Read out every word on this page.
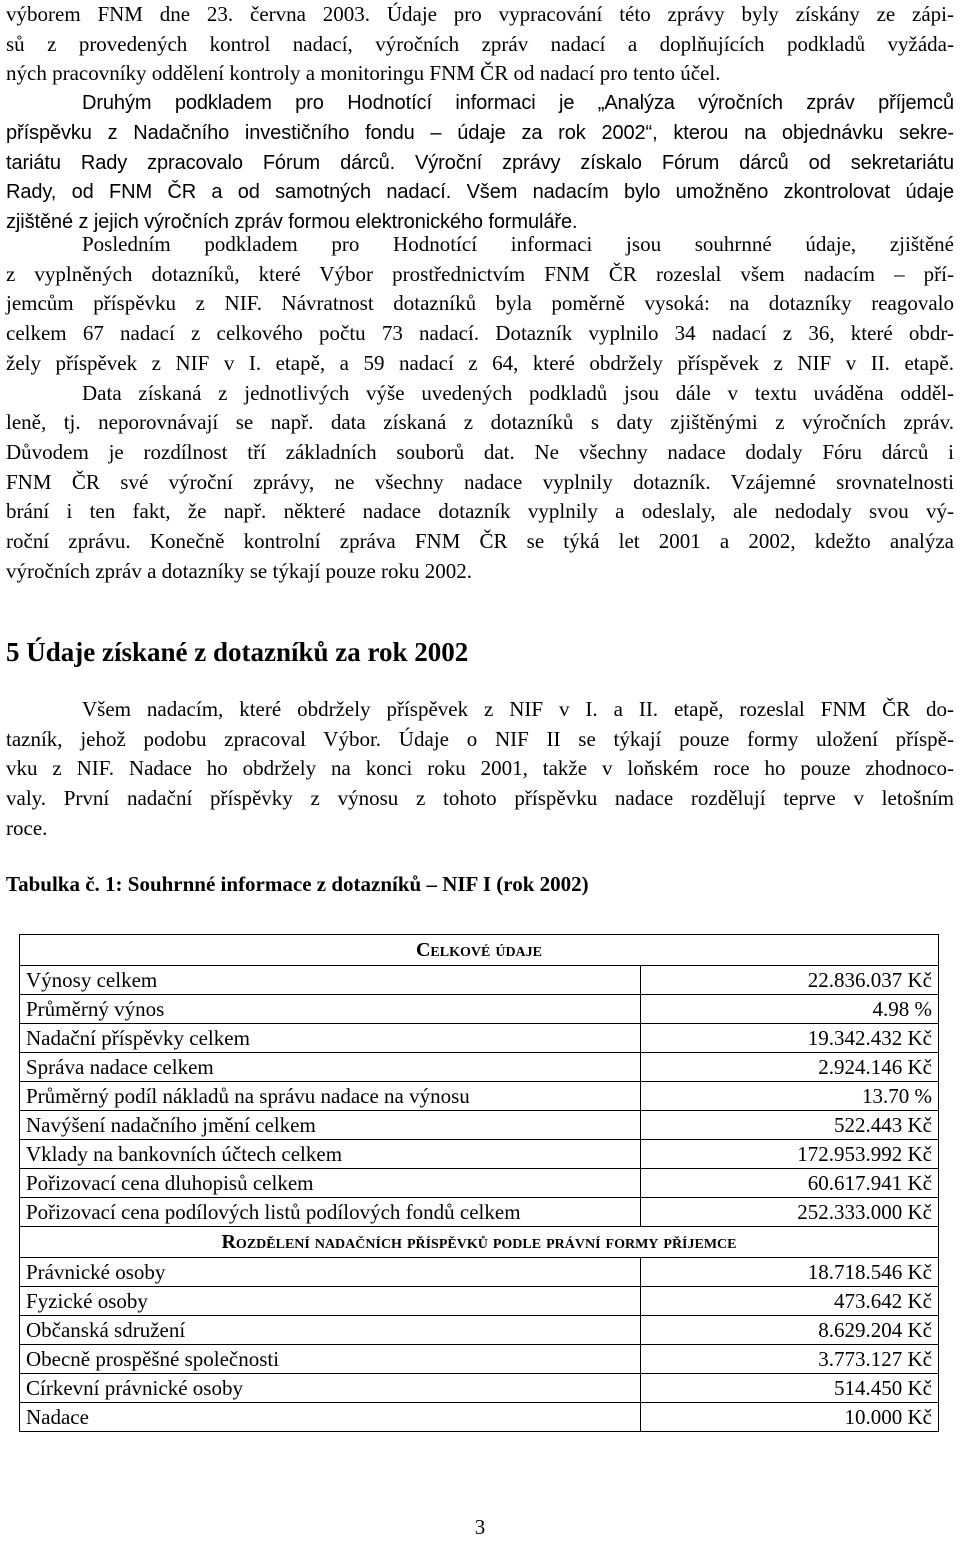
výborem FNM dne 23. června 2003. Údaje pro vypracování této zprávy byly získány ze zápi-
sů z provedených kontrol nadací, výročních zpráv nadací a doplňujících podkladů vyžáda-
ných pracovníky oddělení kontroly a monitoringu FNM ČR od nadací pro tento účel.
Druhým podkladem pro Hodnotící informaci je „Analýza výročních zpráv příjemců
příspěvku z Nadačního investičního fondu – údaje za rok 2002“, kterou na objednávku sekre-
tariátu Rady zpracovalo Fórum dárců. Výroční zprávy získalo Fórum dárců od sekretariátu
Rady, od FNM ČR a od samotných nadací. Všem nadacím bylo umožněno zkontrolovat údaje
zjištěné z jejich výročních zpráv formou elektronického formuláře.
Posledním podkladem pro Hodnotící informaci jsou souhrnné údaje, zjištěné
z vyplněných dotazníků, které Výbor prostřednictvím FNM ČR rozeslal všem nadacím – pří-
jemcům příspěvku z NIF. Návratnost dotazníků byla poměrně vysoká: na dotazníky reagovalo
celkem 67 nadací z celkového počtu 73 nadací. Dotazník vyplnilo 34 nadací z 36, které obdr-
žely příspěvek z NIF v I. etapě, a 59 nadací z 64, které obdržely příspěvek z NIF v II. etapě.
Data získaná z jednotlivých výše uvedených podkladů jsou dále v textu uváděna odděl-
leně, tj. neporovnávají se např. data získaná z dotazníků s daty zjištěnými z výročních zpráv.
Důvodem je rozdílnost tří základních souborů dat. Ne všechny nadace dodaly Fóru dárců i
FNM ČR své výroční zprávy, ne všechny nadace vyplnily dotazník. Vzájemné srovnatelnosti
brání i ten fakt, že např. některé nadace dotazník vyplnily a odeslaly, ale nedodaly svou vý-
roční zprávu. Konečně kontrolní zpráva FNM ČR se týká let 2001 a 2002, kdežto analýza
výročních zpráv a dotazníky se týkají pouze roku 2002.
5 Údaje získané z dotazníků za rok 2002
Všem nadacím, které obdržely příspěvek z NIF v I. a II. etapě, rozeslal FNM ČR do-
tazník, jehož podobu zpracoval Výbor. Údaje o NIF II se týkají pouze formy uložení příspě-
vku z NIF. Nadace ho obdržely na konci roku 2001, takže v loňském roce ho pouze zhodnoco-
valy. První nadační příspěvky z výnosu z tohoto příspěvku nadace rozdělují teprve v letošním
roce.

Tabulka č. 1: Souhrnné informace z dotazníků – NIF I (rok 2002)

Celkové údaje	
Výnosy celkem	22.836.037 Kč
Průměrný výnos	4.98 %
Nadační příspěvky celkem	19.342.432 Kč
Správa nadace celkem	2.924.146 Kč
Průměrný podíl nákladů na správu nadace na výnosu	13.70 %
Navýšení nadačního jmění celkem	522.443 Kč
Vklady na bankovních účtech celkem	172.953.992 Kč
Pořizovací cena dluhopisů celkem	60.617.941 Kč
Pořizovací cena podílových listů podílových fondů celkem	252.333.000 Kč
Rozdělení nadačních příspěvků podle právní formy příjemce	
Právnické osoby	18.718.546 Kč
Fyzické osoby	473.642 Kč
Občanská sdružení	8.629.204 Kč
Obecně prospěšné společnosti	3.773.127 Kč
Církevní právnické osoby	514.450 Kč
Nadace	10.000 Kč

3
